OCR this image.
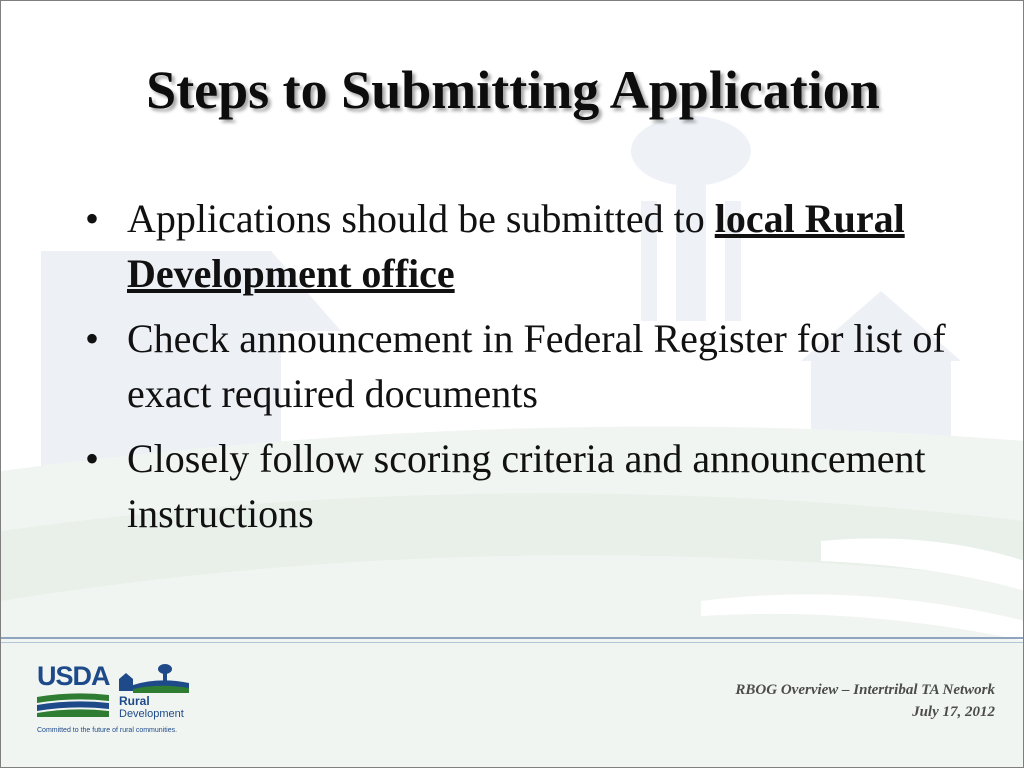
Steps to Submitting Application
• Applications should be submitted to local Rural Development office
• Check announcement in Federal Register for list of exact required documents
• Closely follow scoring criteria and announcement instructions
USDA
Rural
Development
Committed to the future of rural communities.
RBOG Overview – Intertribal TA Network
July 17, 2012
